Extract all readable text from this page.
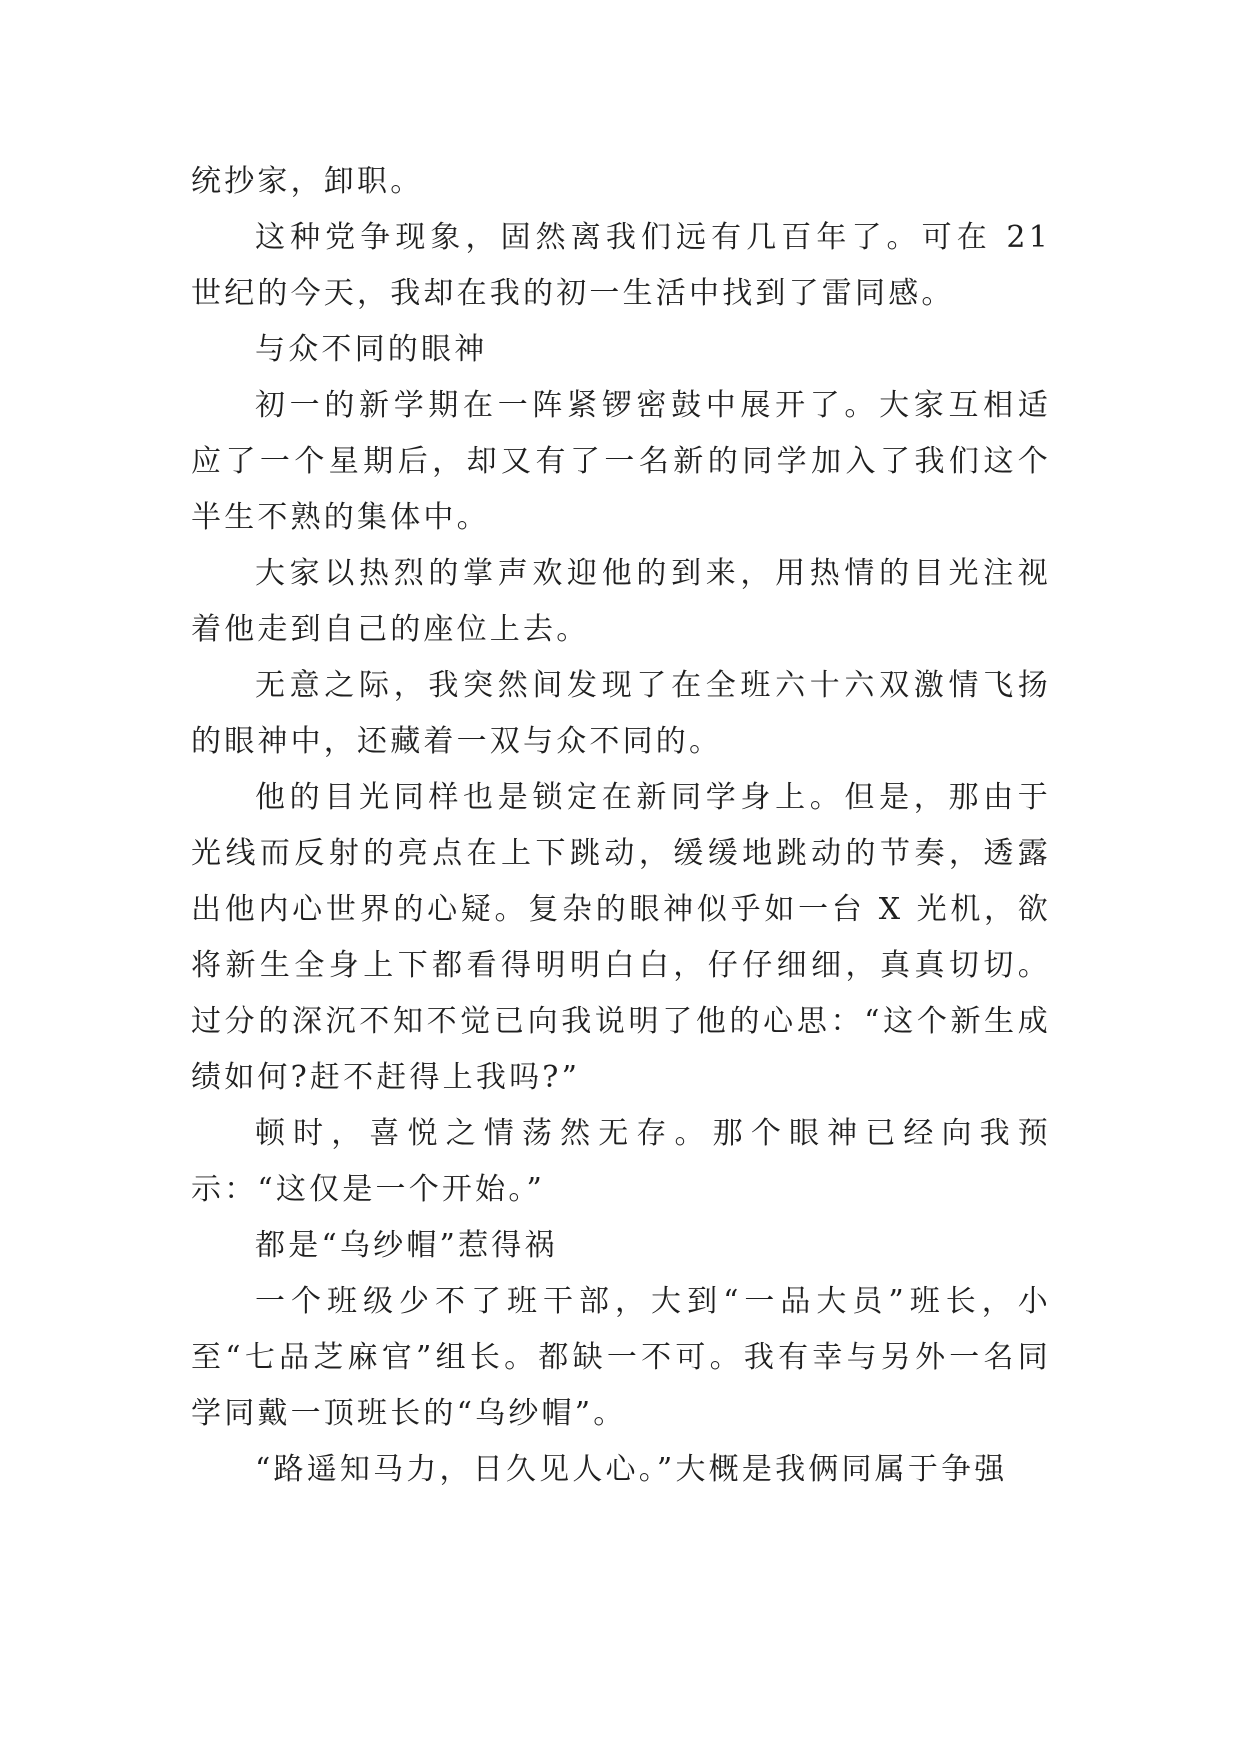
统抄家，卸职。

这种党争现象，固然离我们远有几百年了。可在 21 世纪的今天，我却在我的初一生活中找到了雷同感。

与众不同的眼神

初一的新学期在一阵紧锣密鼓中展开了。大家互相适应了一个星期后，却又有了一名新的同学加入了我们这个半生不熟的集体中。

大家以热烈的掌声欢迎他的到来，用热情的目光注视着他走到自己的座位上去。

无意之际，我突然间发现了在全班六十六双激情飞扬的眼神中，还藏着一双与众不同的。

他的目光同样也是锁定在新同学身上。但是，那由于光线而反射的亮点在上下跳动，缓缓地跳动的节奏，透露出他内心世界的心疑。复杂的眼神似乎如一台 X 光机，欲将新生全身上下都看得明明白白，仔仔细细，真真切切。过分的深沉不知不觉已向我说明了他的心思：“这个新生成绩如何?赶不赶得上我吗?”

顿时，喜悦之情荡然无存。那个眼神已经向我预示：“这仅是一个开始。”

都是“乌纱帽”惹得祸

一个班级少不了班干部，大到“一品大员”班长，小至“七品芝麻官”组长。都缺一不可。我有幸与另外一名同学同戴一顶班长的“乌纱帽”。

“路遥知马力，日久见人心。”大概是我俩同属于争强
